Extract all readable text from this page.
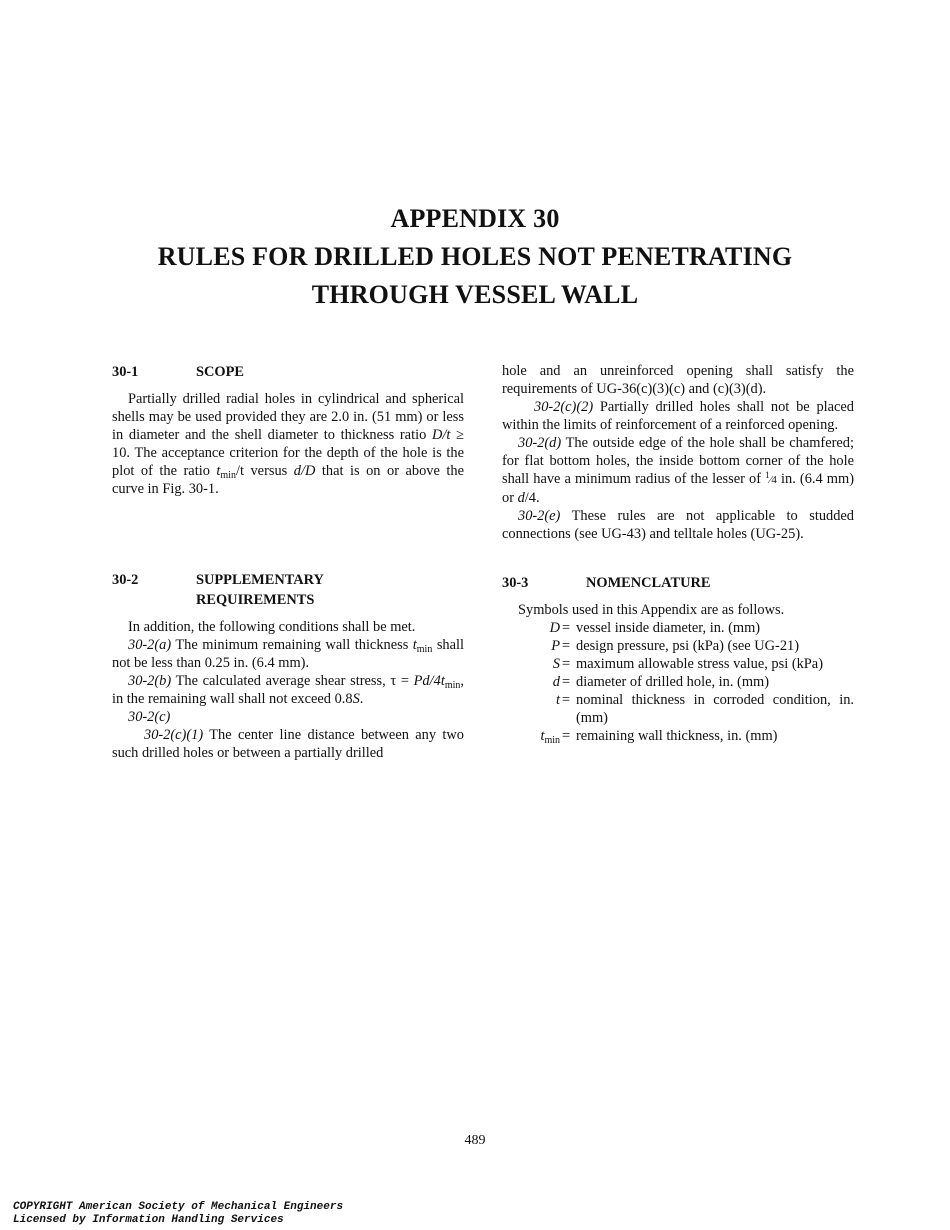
APPENDIX 30
RULES FOR DRILLED HOLES NOT PENETRATING
THROUGH VESSEL WALL
30-1	SCOPE

Partially drilled radial holes in cylindrical and spherical shells may be used provided they are 2.0 in. (51 mm) or less in diameter and the shell diameter to thickness ratio D/t ≥ 10. The acceptance criterion for the depth of the hole is the plot of the ratio $t_{min}/t$ versus d/D that is on or above the curve in Fig. 30-1.

30-2	SUPPLEMENTARY
REQUIREMENTS

In addition, the following conditions shall be met.

30-2(a) The minimum remaining wall thickness $t_{min}$ shall not be less than 0.25 in. (6.4 mm).

30-2(b) The calculated average shear stress, $\tau = Pd/4t_{min}$, in the remaining wall shall not exceed 0.8S.

30-2(c)

30-2(c)(1) The center line distance between any two such drilled holes or between a partially drilled

hole and an unreinforced opening shall satisfy the requirements of UG-36(c)(3)(c) and (c)(3)(d).

30-2(c)(2) Partially drilled holes shall not be placed within the limits of reinforcement of a reinforced opening.

30-2(d) The outside edge of the hole shall be chamfered; for flat bottom holes, the inside bottom corner of the hole shall have a minimum radius of the lesser of $^1$⁄4 in. (6.4 mm) or d/4.

30-2(e) These rules are not applicable to studded connections (see UG-43) and telltale holes (UG-25).

30-3	NOMENCLATURE

Symbols used in this Appendix are as follows.

D = vessel inside diameter, in. (mm)
P = design pressure, psi (kPa) (see UG-21)
S = maximum allowable stress value, psi (kPa)
d = diameter of drilled hole, in. (mm)
t = nominal thickness in corroded condition, in. (mm)
$t_{min}$ = remaining wall thickness, in. (mm)
489
COPYRIGHT American Society of Mechanical Engineers
Licensed by Information Handling Services
